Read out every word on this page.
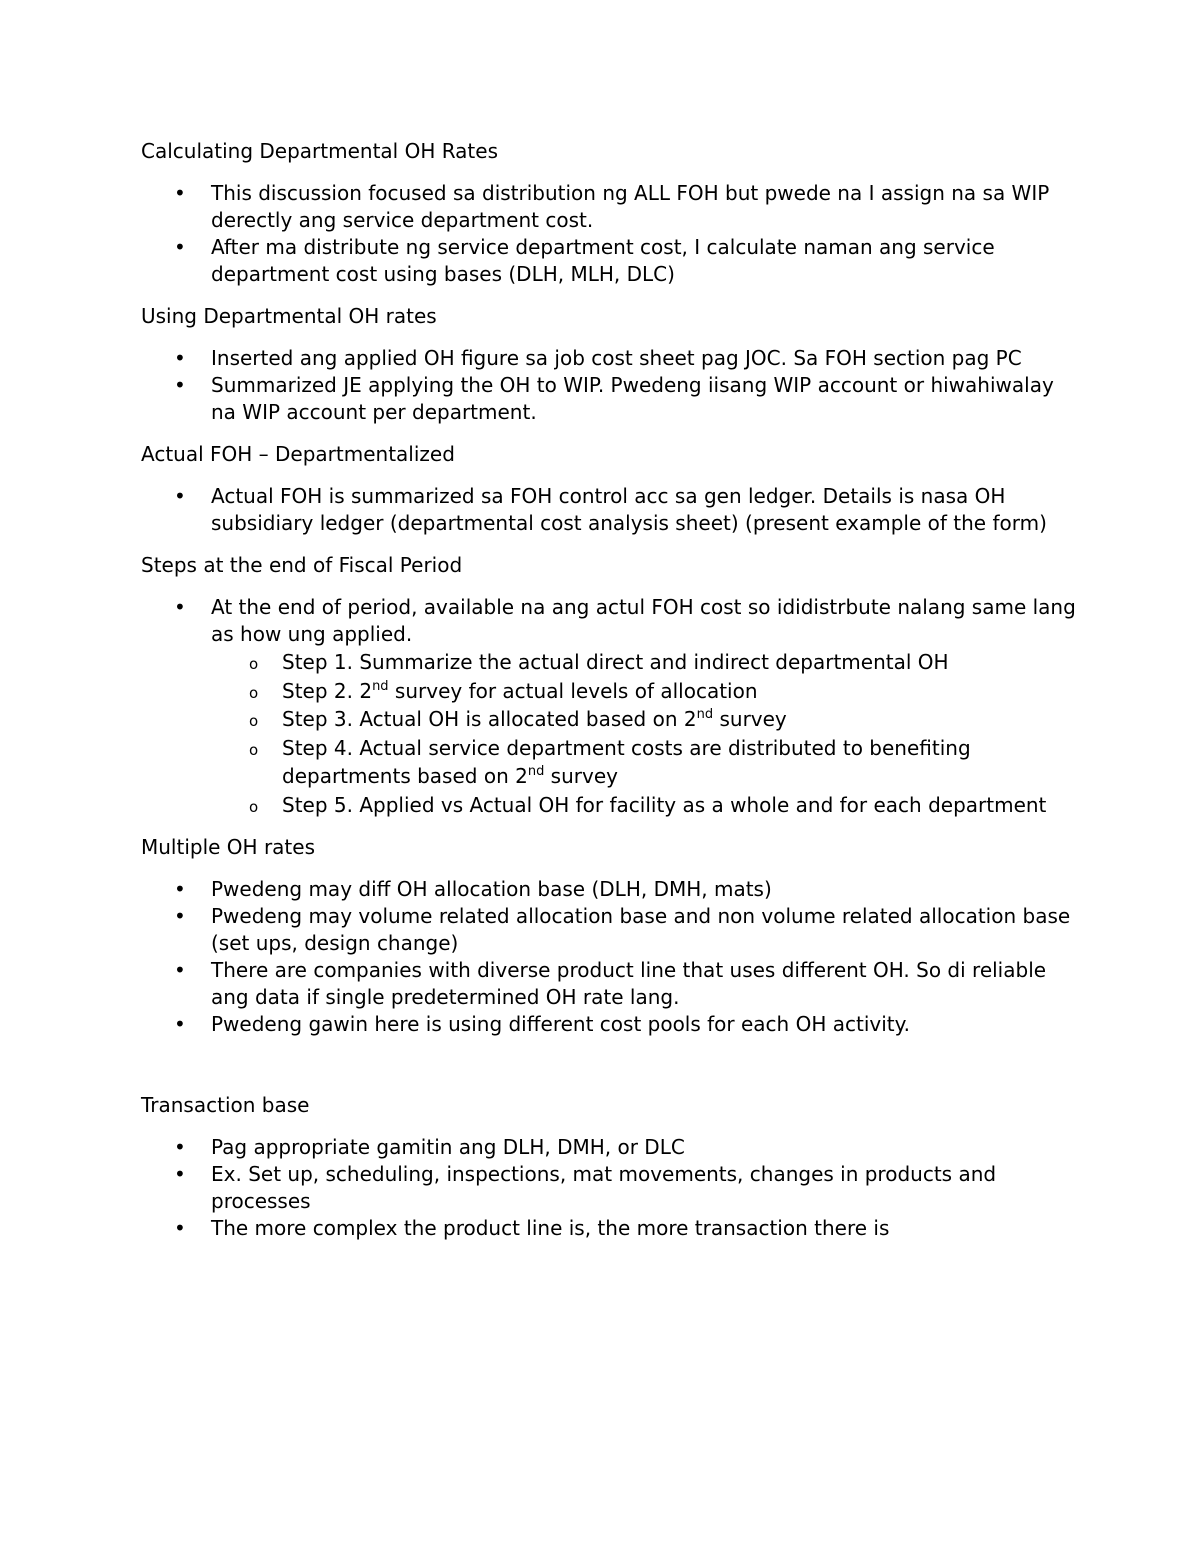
Calculating Departmental OH Rates
• This discussion focused sa distribution ng ALL FOH but pwede na I assign na sa WIP derectly ang service department cost.
• After ma distribute ng service department cost, I calculate naman ang service department cost using bases (DLH, MLH, DLC)
Using Departmental OH rates
• Inserted ang applied OH figure sa job cost sheet pag JOC. Sa FOH section pag PC
• Summarized JE applying the OH to WIP. Pwedeng iisang WIP account or hiwahiwalay na WIP account per department.
Actual FOH – Departmentalized
• Actual FOH is summarized sa FOH control acc sa gen ledger. Details is nasa OH subsidiary ledger (departmental cost analysis sheet) (present example of the form)
Steps at the end of Fiscal Period
• At the end of period, available na ang actul FOH cost so ididistrbute nalang same lang as how ung applied.
o Step 1. Summarize the actual direct and indirect departmental OH
o Step 2. 2nd survey for actual levels of allocation
o Step 3. Actual OH is allocated based on 2nd survey
o Step 4. Actual service department costs are distributed to benefiting departments based on 2nd survey
o Step 5. Applied vs Actual OH for facility as a whole and for each department
Multiple OH rates
• Pwedeng may diff OH allocation base (DLH, DMH, mats)
• Pwedeng may volume related allocation base and non volume related allocation base (set ups, design change)
• There are companies with diverse product line that uses different OH. So di reliable ang data if single predetermined OH rate lang.
• Pwedeng gawin here is using different cost pools for each OH activity.
Transaction base
• Pag appropriate gamitin ang DLH, DMH, or DLC
• Ex. Set up, scheduling, inspections, mat movements, changes in products and processes
• The more complex the product line is, the more transaction there is
